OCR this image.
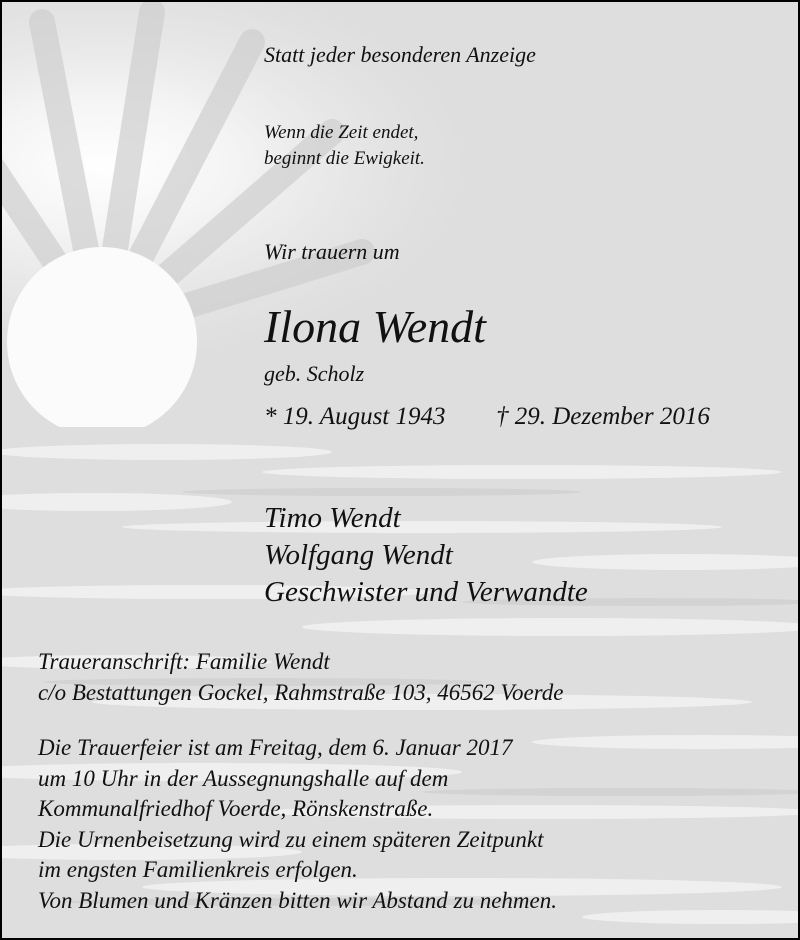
Statt jeder besonderen Anzeige

Wenn die Zeit endet,
beginnt die Ewigkeit.

Wir trauern um

Ilona Wendt

geb. Scholz

* 19. August 1943 † 29. Dezember 2016

Timo Wendt
Wolfgang Wendt
Geschwister und Verwandte
Traueranschrift: Familie Wendt
c/o Bestattungen Gockel, Rahmstraße 103, 46562 Voerde
Die Trauerfeier ist am Freitag, dem 6. Januar 2017
um 10 Uhr in der Aussegnungshalle auf dem
Kommunalfriedhof Voerde, Rönskenstraße.
Die Urnenbeisetzung wird zu einem späteren Zeitpunkt
im engsten Familienkreis erfolgen.
Von Blumen und Kränzen bitten wir Abstand zu nehmen.
